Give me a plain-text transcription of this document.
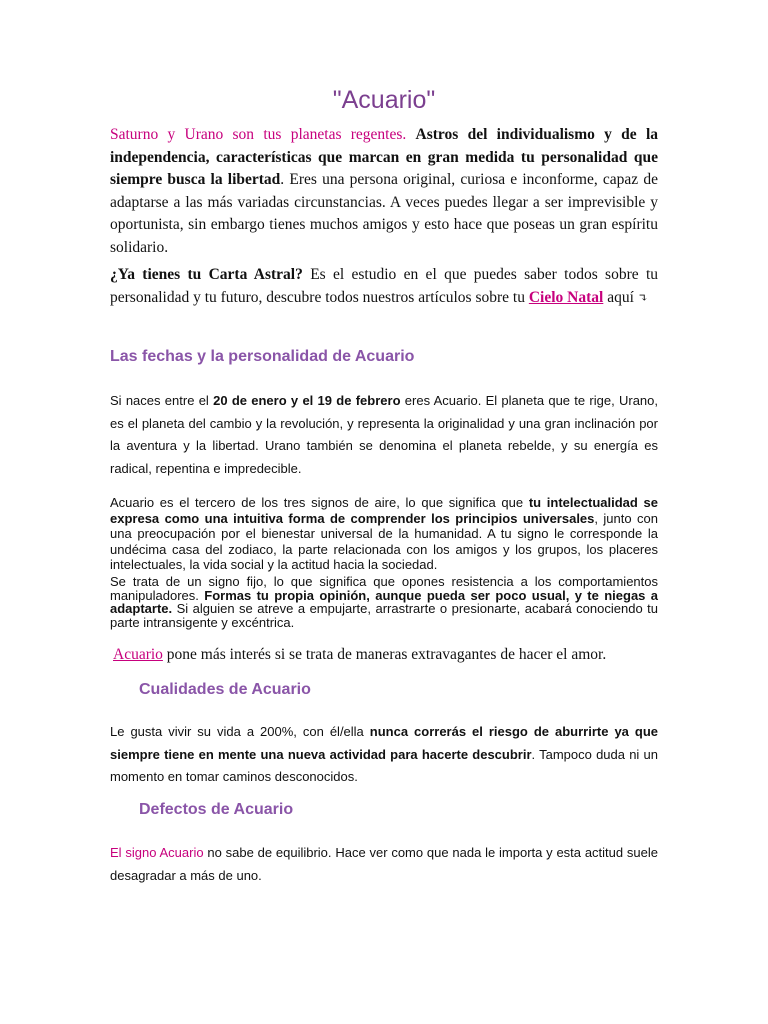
"Acuario"

Saturno y Urano son tus planetas regentes. Astros del individualismo y de la independencia, características que marcan en gran medida tu personalidad que siempre busca la libertad. Eres una persona original, curiosa e inconforme, capaz de adaptarse a las más variadas circunstancias. A veces puedes llegar a ser imprevisible y oportunista, sin embargo tienes muchos amigos y esto hace que poseas un gran espíritu solidario.

¿Ya tienes tu Carta Astral? Es el estudio en el que puedes saber todos sobre tu personalidad y tu futuro, descubre todos nuestros artículos sobre tu Cielo Natal aquí ↴

Las fechas y la personalidad de Acuario

Si naces entre el 20 de enero y el 19 de febrero eres Acuario. El planeta que te rige, Urano, es el planeta del cambio y la revolución, y representa la originalidad y una gran inclinación por la aventura y la libertad. Urano también se denomina el planeta rebelde, y su energía es radical, repentina e impredecible.

Acuario es el tercero de los tres signos de aire, lo que significa que tu intelectualidad se expresa como una intuitiva forma de comprender los principios universales, junto con una preocupación por el bienestar universal de la humanidad. A tu signo le corresponde la undécima casa del zodiaco, la parte relacionada con los amigos y los grupos, los placeres intelectuales, la vida social y la actitud hacia la sociedad.

Se trata de un signo fijo, lo que significa que opones resistencia a los comportamientos manipuladores. Formas tu propia opinión, aunque pueda ser poco usual, y te niegas a adaptarte. Si alguien se atreve a empujarte, arrastrarte o presionarte, acabará conociendo tu parte intransigente y excéntrica.

Acuario pone más interés si se trata de maneras extravagantes de hacer el amor.

Cualidades de Acuario

Le gusta vivir su vida a 200%, con él/ella nunca correrás el riesgo de aburrirte ya que siempre tiene en mente una nueva actividad para hacerte descubrir. Tampoco duda ni un momento en tomar caminos desconocidos.

Defectos de Acuario

El signo Acuario no sabe de equilibrio. Hace ver como que nada le importa y esta actitud suele desagradar a más de uno.
